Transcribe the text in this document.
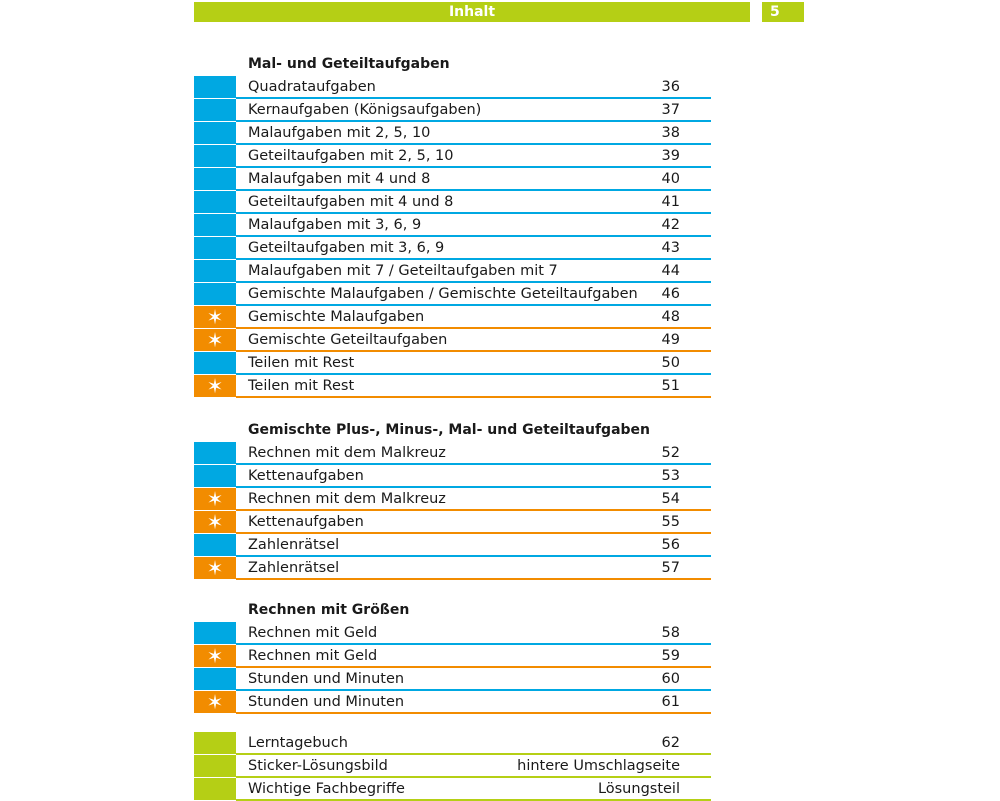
Inhalt	5
Mal- und Geteiltaufgaben
Quadrataufgaben	36
Kernaufgaben (Königsaufgaben)	37
Malaufgaben mit 2, 5, 10	38
Geteiltaufgaben mit 2, 5, 10	39
Malaufgaben mit 4 und 8	40
Geteiltaufgaben mit 4 und 8	41
Malaufgaben mit 3, 6, 9	42
Geteiltaufgaben mit 3, 6, 9	43
Malaufgaben mit 7 / Geteiltaufgaben mit 7	44
Gemischte Malaufgaben / Gemischte Geteiltaufgaben 46
✶	Gemischte Malaufgaben	48
✶	Gemischte Geteiltaufgaben	49
Teilen mit Rest	50
✶	Teilen mit Rest	51
Gemischte Plus-, Minus-, Mal- und Geteiltaufgaben
Rechnen mit dem Malkreuz	52
Kettenaufgaben	53
✶	Rechnen mit dem Malkreuz	54
✶	Kettenaufgaben	55
Zahlenrätsel	56
✶	Zahlenrätsel	57
Rechnen mit Größen
Rechnen mit Geld	58
✶	Rechnen mit Geld	59
Stunden und Minuten	60
✶	Stunden und Minuten	61
Lerntagebuch	62
Sticker-Lösungsbild	hintere Umschlagseite
Wichtige Fachbegriffe	Lösungsteil
